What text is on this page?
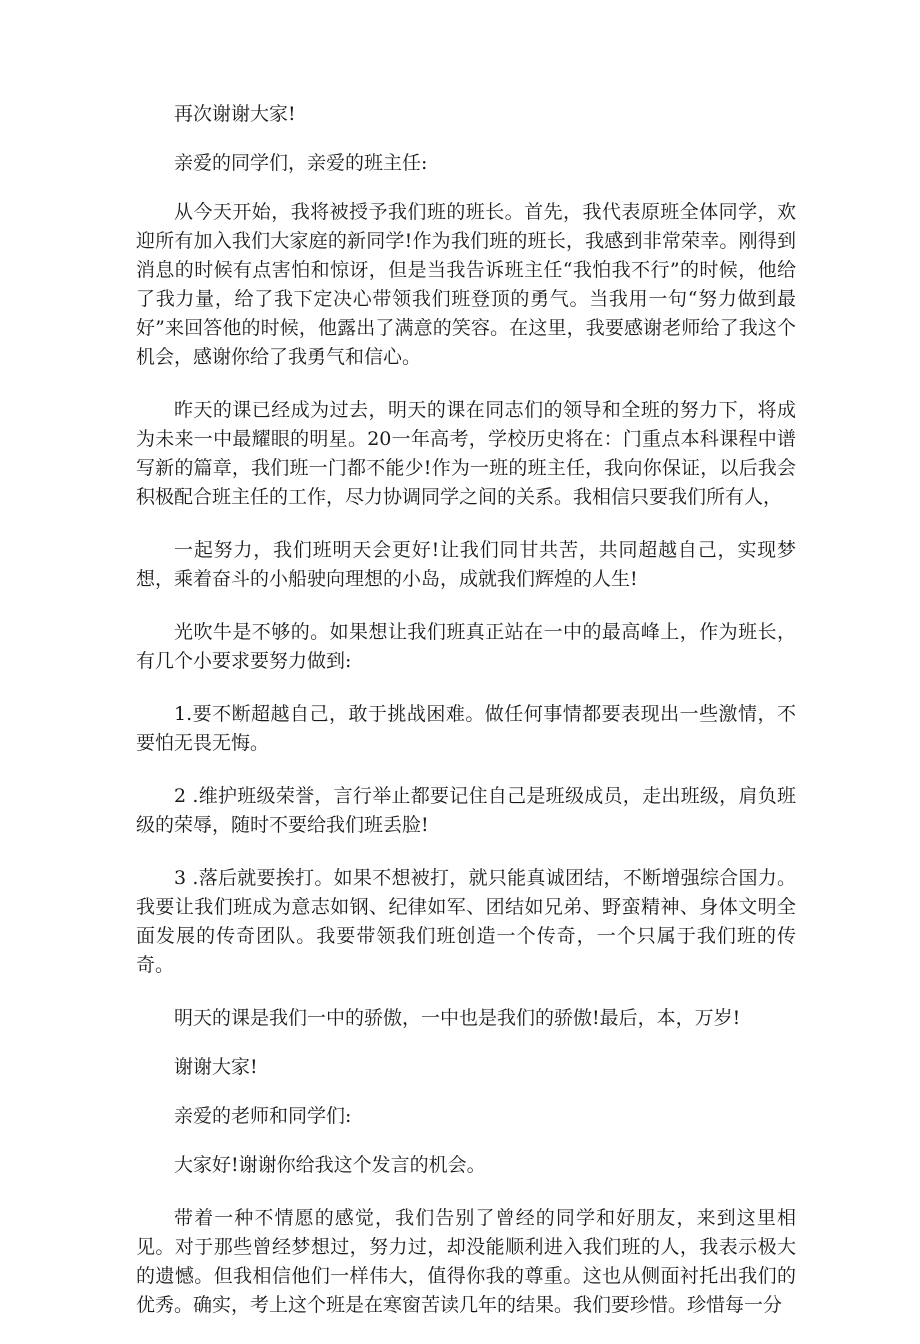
再次谢谢大家!

亲爱的同学们，亲爱的班主任:

从今天开始，我将被授予我们班的班长。首先，我代表原班全体同学，欢迎所有加入我们大家庭的新同学!作为我们班的班长，我感到非常荣幸。刚得到消息的时候有点害怕和惊讶，但是当我告诉班主任“我怕我不行”的时候，他给了我力量，给了我下定决心带领我们班登顶的勇气。当我用一句“努力做到最好”来回答他的时候，他露出了满意的笑容。在这里，我要感谢老师给了我这个机会，感谢你给了我勇气和信心。

昨天的课已经成为过去，明天的课在同志们的领导和全班的努力下，将成为未来一中最耀眼的明星。20一年高考，学校历史将在：门重点本科课程中谱写新的篇章，我们班一门都不能少!作为一班的班主任，我向你保证，以后我会积极配合班主任的工作，尽力协调同学之间的关系。我相信只要我们所有人，

一起努力，我们班明天会更好!让我们同甘共苦，共同超越自己，实现梦想，乘着奋斗的小船驶向理想的小岛，成就我们辉煌的人生!

光吹牛是不够的。如果想让我们班真正站在一中的最高峰上，作为班长，有几个小要求要努力做到:

1.要不断超越自己，敢于挑战困难。做任何事情都要表现出一些激情，不要怕无畏无悔。

2 .维护班级荣誉，言行举止都要记住自己是班级成员，走出班级，肩负班级的荣辱，随时不要给我们班丢脸!

3 .落后就要挨打。如果不想被打，就只能真诚团结，不断增强综合国力。我要让我们班成为意志如钢、纪律如军、团结如兄弟、野蛮精神、身体文明全面发展的传奇团队。我要带领我们班创造一个传奇，一个只属于我们班的传奇。

明天的课是我们一中的骄傲，一中也是我们的骄傲!最后，本，万岁!

谢谢大家!

亲爱的老师和同学们:

大家好!谢谢你给我这个发言的机会。

带着一种不情愿的感觉，我们告别了曾经的同学和好朋友，来到这里相见。对于那些曾经梦想过，努力过，却没能顺利进入我们班的人，我表示极大的遗憾。但我相信他们一样伟大，值得你我的尊重。这也从侧面衬托出我们的优秀。确实，考上这个班是在寒窗苦读几年的结果。我们要珍惜。珍惜每一分
